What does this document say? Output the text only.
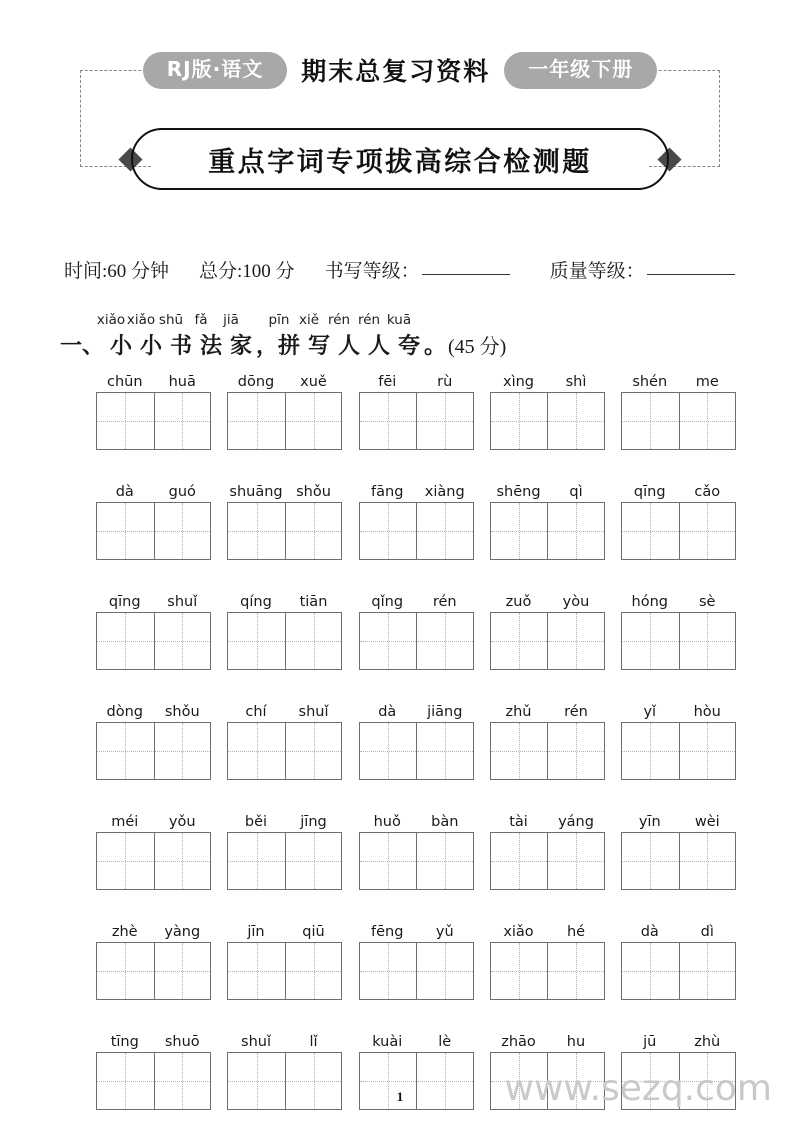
RJ版·语文	期末总复习资料	一年级下册
重点字词专项拔高综合检测题
时间:60 分钟 总分:100 分 书写等级：	质量等级：
xiǎo xiǎo shū fǎ	jiā	pīn xiě rén rén kuā
一、 小 小 书 法 家 ，拼 写 人 人 夸 。 (45 分)
chūn	huā	dōng	xuě	fēi	rù	xìng	shì	shén	me
dà	guó	shuāng shǒu	fāng	xiàng	shēng	qì	qīng	cǎo
qīng	shuǐ	qíng	tiān	qǐng	rén	zuǒ	yòu	hóng	sè
dòng	shǒu	chí	shuǐ	dà	jiāng	zhǔ	rén	yǐ	hòu
méi	yǒu	běi	jīng	huǒ	bàn	tài	yáng	yīn	wèi
zhè	yàng	jīn	qiū	fēng	yǔ	xiǎo	hé	dà	dì
tīng	shuō	shuǐ	lǐ	kuài	lè	zhāo	hu	jū	zhù
www.sezq.com
1
